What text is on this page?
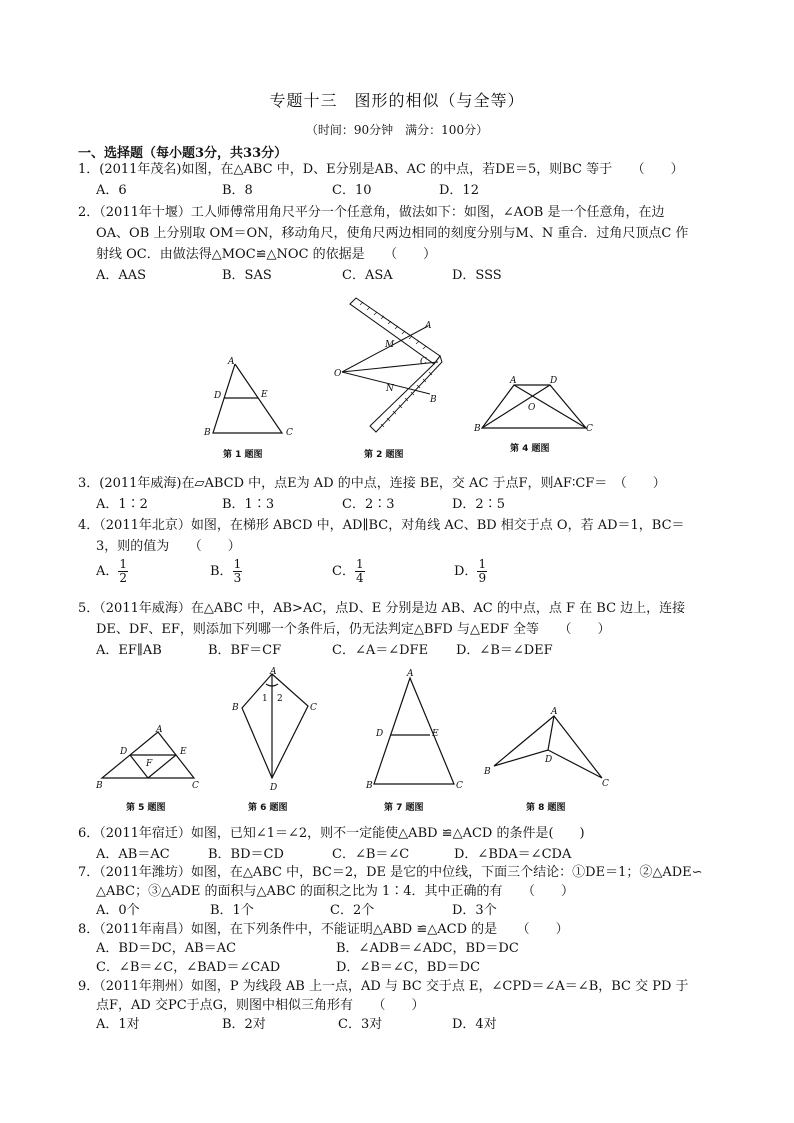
专题十三　图形的相似（与全等）
（时间：90分钟　满分：100分）
一、选择题（每小题3分，共33分）
1．(2011年茂名)如图，在△ABC 中，D、E分别是AB、AC 的中点，若DE＝5，则BC 等于　　（　　）
A．6	B．8	C．10	D．12
2．（2011年十堰）工人师傅常用角尺平分一个任意角，做法如下：如图，∠AOB 是一个任意角，在边
OA、OB 上分别取 OM＝ON，移动角尺，使角尺两边相同的刻度分别与M、N 重合．过角尺顶点C 作
射线 OC．由做法得△MOC≌△NOC 的依据是　　（　　）
A．AAS	B．SAS	C．ASA	D．SSS
A
D	E
B	C
第 1 题图
A
M
C
O
N
B
第 2 题图
A	D
O
B	C
第 4 题图
3．(2011年威海)在▱ABCD 中，点E为 AD 的中点，连接 BE，交 AC 于点F，则AF∶CF＝　（　　）
A．1∶2	B．1∶3	C．2∶3	D．2∶5
4．（2011年北京）如图，在梯形 ABCD 中，AD∥BC，对角线 AC、BD 相交于点 O，若 AD＝1，BC＝
3，则的值为　　（　　）
A． $\frac{1}{2}$	B． $\frac{1}{3}$	C． $\frac{1}{4}$	D． $\frac{1}{9}$
5．（2011年威海）在△ABC 中，AB>AC，点D、E 分别是边 AB、AC 的中点，点 F 在 BC 边上，连接
DE、DF、EF，则添加下列哪一个条件后，仍无法判定△BFD 与△EDF 全等　　（　　）
A．EF∥AB	B．BF＝CF	C．∠A＝∠DFE D．∠B＝∠DEF
A
D	E
F
B	C
第 5 题图
A
B	C
D
1 2
第 6 题图
A
D	E
B	C
第 7 题图
A
B
D
C
第 8 题图
6．（2011年宿迁）如图，已知∠1＝∠2，则不一定能使△ABD ≌△ACD 的条件是(　　)
A．AB＝AC	B．BD＝CD	C．∠B＝∠C	D．∠BDA＝∠CDA
7．（2011年潍坊）如图，在△ABC 中，BC＝2，DE 是它的中位线，下面三个结论：①DE＝1；②△ADE∽
△ABC；③△ADE 的面积与△ABC 的面积之比为 1∶4．其中正确的有　　（　　）
A．0个	B．1个	C．2个	D．3个
8．（2011年南昌）如图，在下列条件中，不能证明△ABD ≌△ACD 的是　　（　　）
A．BD＝DC，AB＝AC	B．∠ADB＝∠ADC，BD＝DC
C．∠B＝∠C，∠BAD＝∠CAD	D．∠B＝∠C，BD＝DC
9．（2011年荆州）如图，P 为线段 AB 上一点，AD 与 BC 交于点 E，∠CPD＝∠A＝∠B，BC 交 PD 于
点F，AD 交PC于点G，则图中相似三角形有　　（　　）
A．1对	B．2对	C．3对	D．4对
